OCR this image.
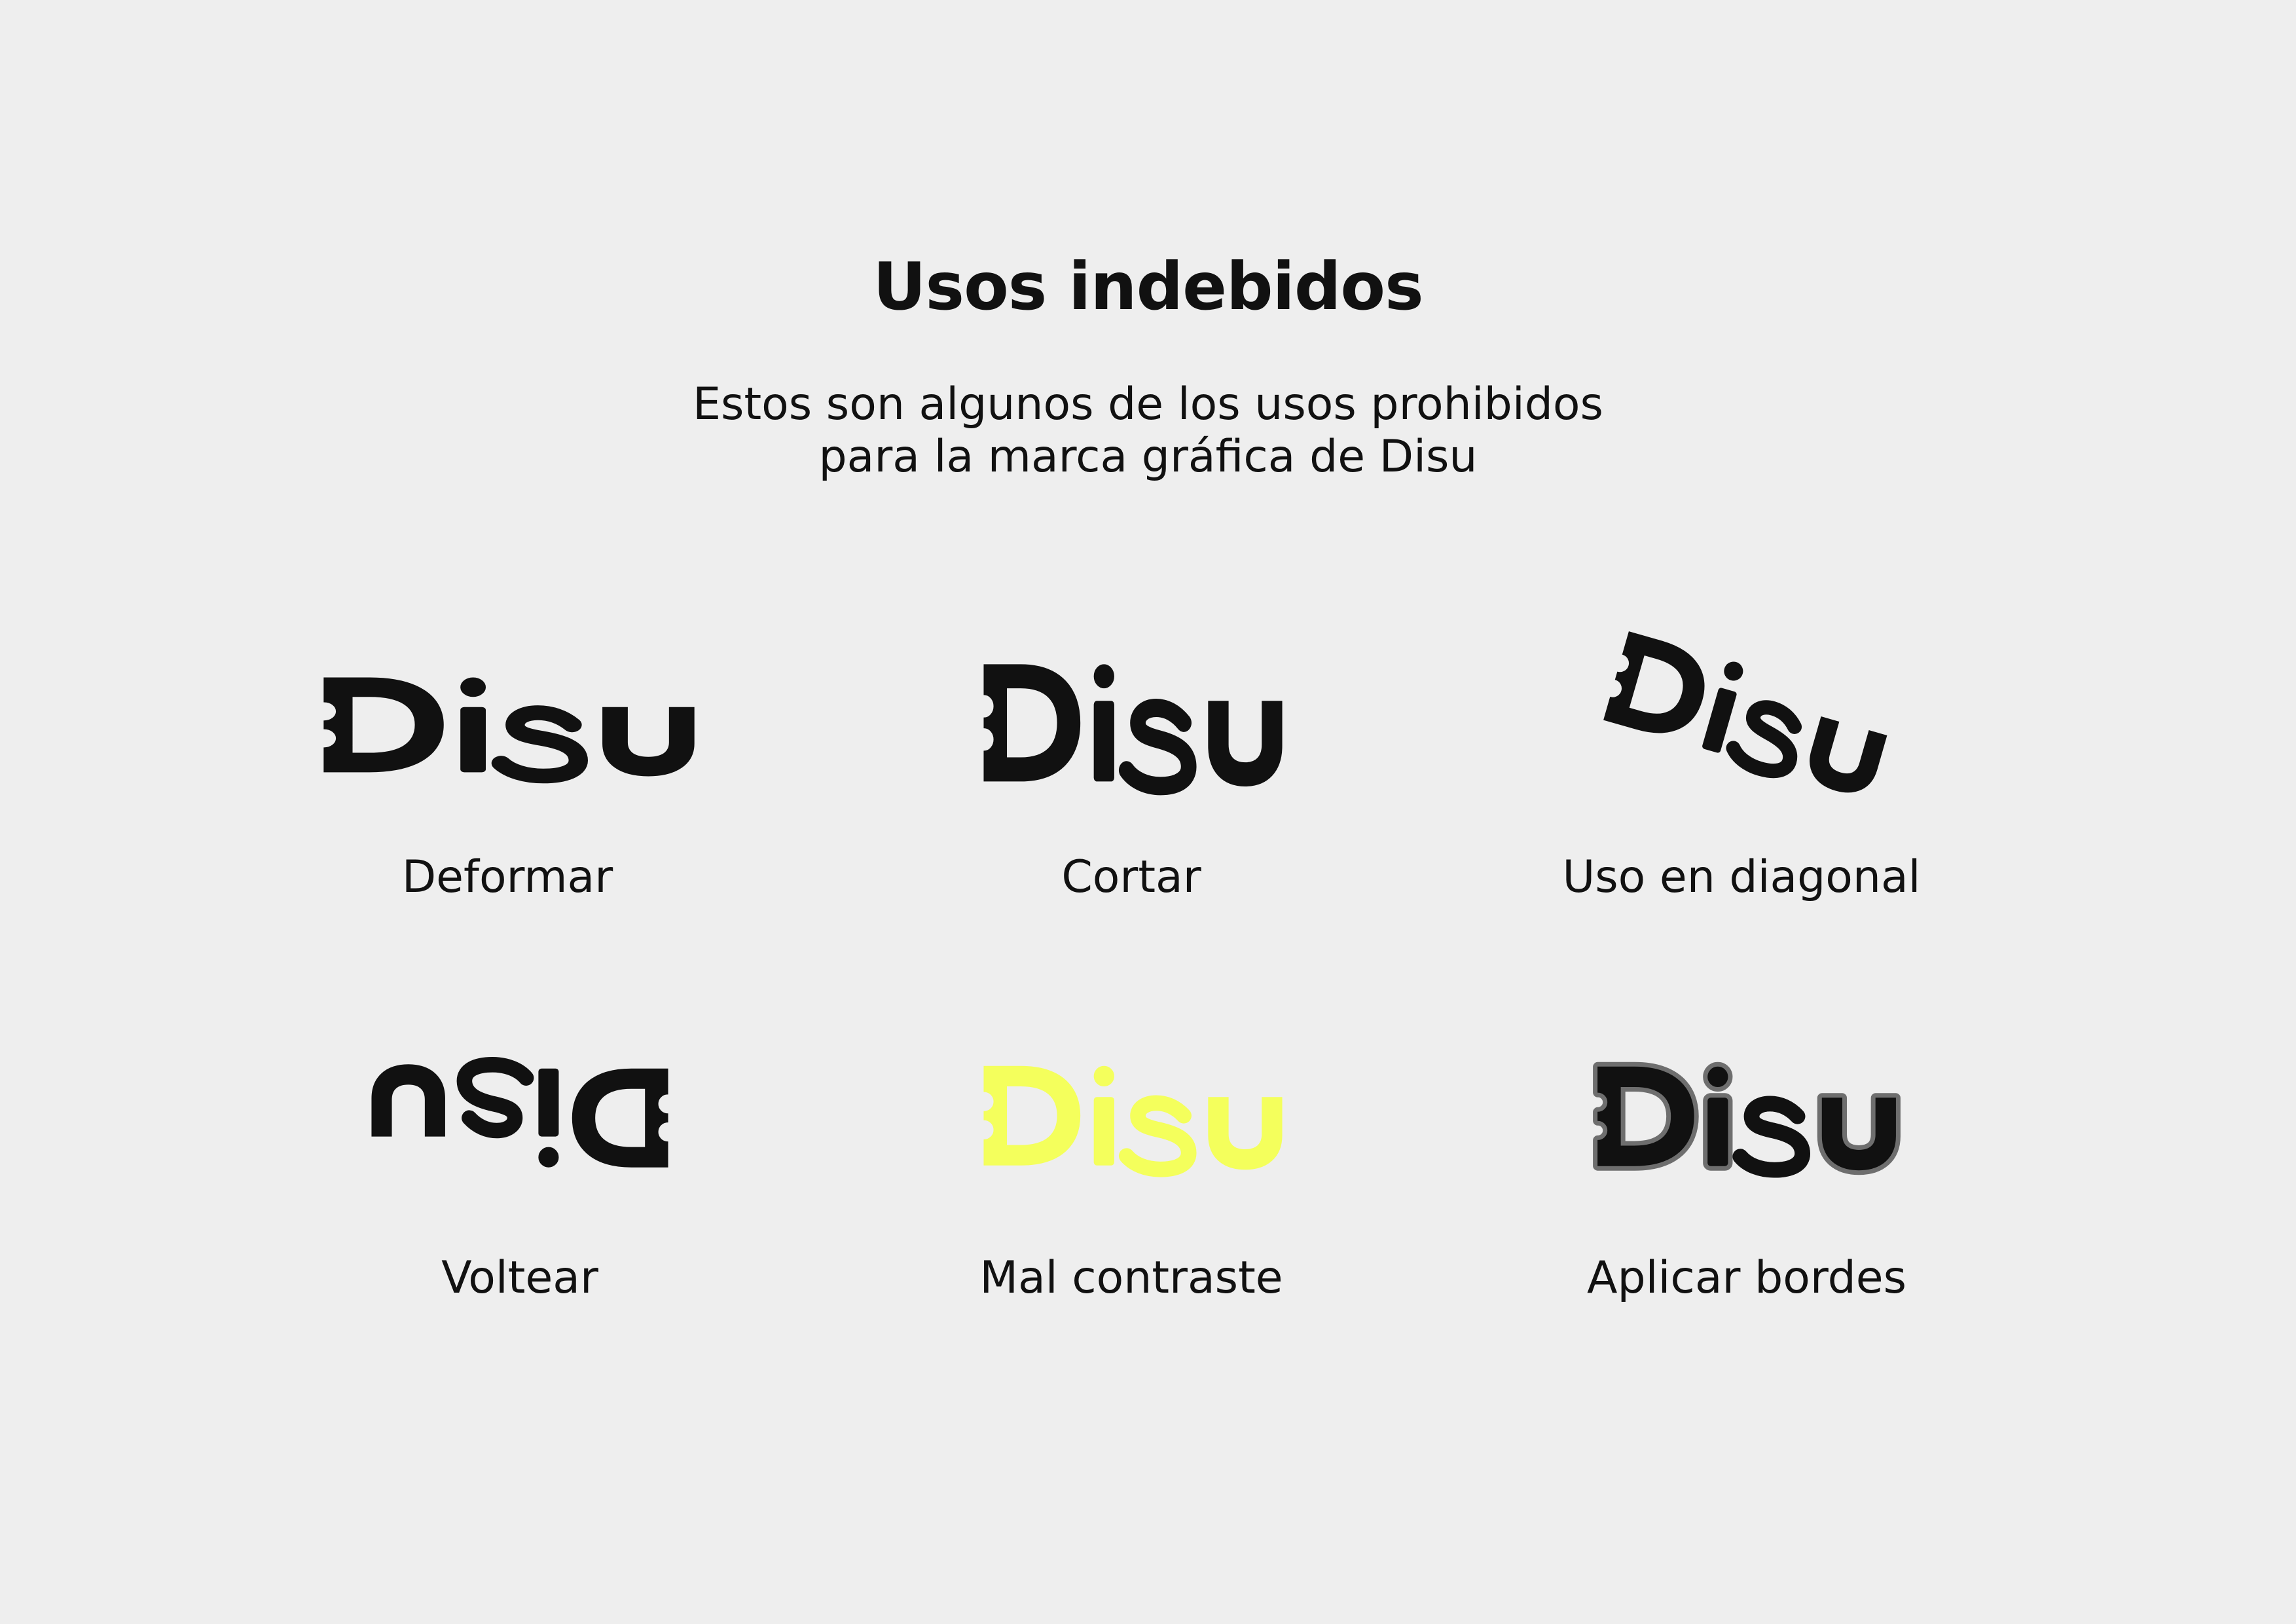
Usos indebidos
Estos son algunos de los usos prohibidos
para la marca gráfica de Disu
Deformar	Cortar	Uso en diagonal
Voltear	Mal contraste	Aplicar bordes
